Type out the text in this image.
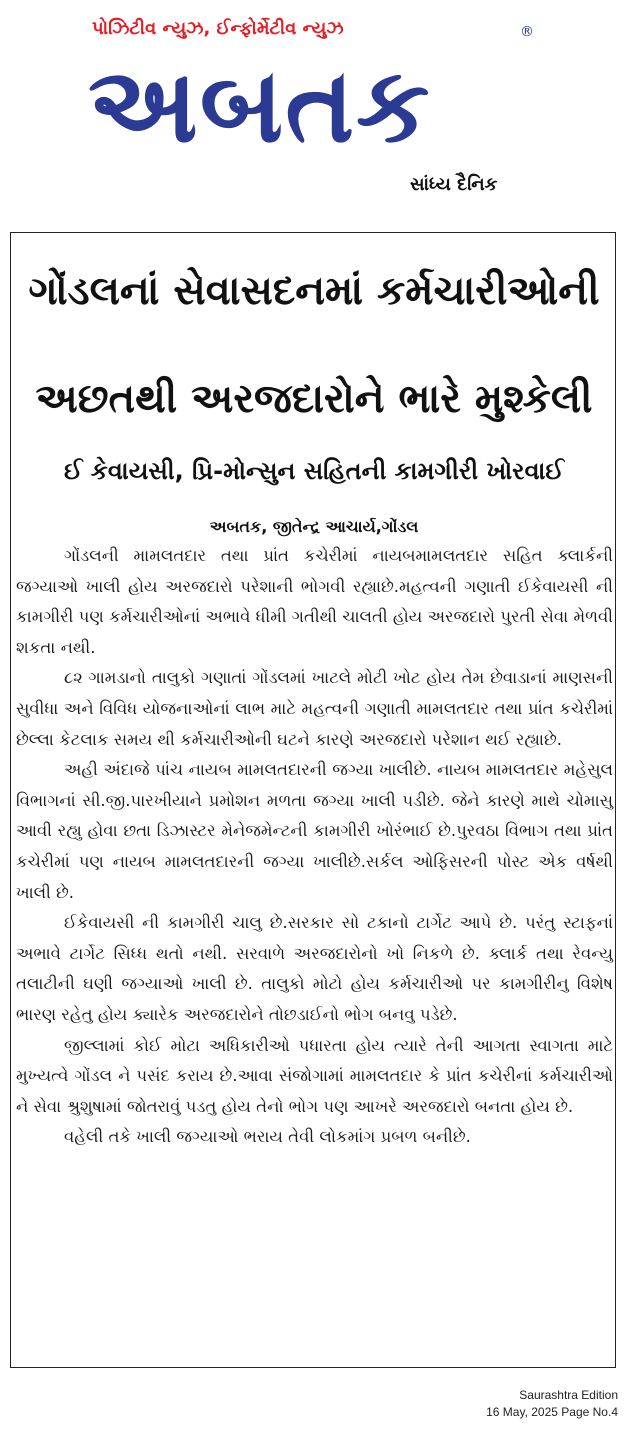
પોઝિટીવ ન્યુઝ, ઈન્ફોર્મેટીવ ન્યુઝ
અબતક
®
સાંધ્ય દૈનિક
ગોંડલનાં સેવાસદનમાં કર્મચારીઓની
અછતથી અરજદારોને ભારે મુશ્કેલી
ઈ કેવાયસી, પ્રિ-મોન્સુન સહિતની કામગીરી ખોરવાઈ
અબતક, જીતેન્દ્ર આચાર્ય,ગોંડલ

ગોંડલની મામલતદાર તથા પ્રાંત કચેરીમાં નાયબમામલતદાર સહિત ક્લાર્કની જગ્યાઓ ખાલી હોય અરજદારો પરેશાની ભોગવી રહ્યાછે.મહત્વની ગણાતી ઈકેવાયસી ની કામગીરી પણ કર્મચારીઓનાં અભાવે ધીમી ગતીથી ચાલતી હોય અરજદારો પુરતી સેવા મેળવી શકતા નથી.

૮૨ ગામડાનો તાલુકો ગણાતાં ગોંડલમાં ખાટલે મોટી ખોટ હોય તેમ છેવાડાનાં માણસની સુવીધા અને વિવિધ યોજનાઓનાં લાભ માટે મહત્વની ગણાતી મામલતદાર તથા પ્રાંત કચેરીમાં છેલ્લા કેટલાક સમય થી કર્મચારીઓની ઘટને કારણે અરજદારો પરેશાન થઈ રહ્યાછે.

અહી અંદાજે પાંચ નાયબ મામલતદારની જગ્યા ખાલીછે. નાયબ મામલતદાર મહેસુલ વિભાગનાં સી.જી.પારખીયાને પ્રમોશન મળતા જગ્યા ખાલી પડીછે. જેને કારણે માથે ચોમાસુ આવી રહ્યુ હોવા છતા ડિઝાસ્ટર મેનેજમેન્ટની કામગીરી ખોરંભાઈ છે.પુરવઠા વિભાગ તથા પ્રાંત કચેરીમાં પણ નાયબ મામલતદારની જગ્યા ખાલીછે.સર્કલ ઓફિસરની પોસ્ટ એક વર્ષથી ખાલી છે.

ઈકેવાયસી ની કામગીરી ચાલુ છે.સરકાર સો ટકાનો ટાર્ગેટ આપે છે. પરંતુ સ્ટાફનાં અભાવે ટાર્ગેટ સિધ્ધ થતો નથી. સરવાળે અરજદારોનો ખો નિકળે છે. ક્લાર્ક તથા રેવન્યુ તલાટીની ઘણી જગ્યાઓ ખાલી છે. તાલુકો મોટો હોય કર્મચારીઓ પર કામગીરીનુ વિશેષ ભારણ રહેતુ હોય ક્યારેક અરજદારોને તોછડાઈનો ભોગ બનવુ પડેછે.

જીલ્લામાં કોઈ મોટા અધિકારીઓ પધારતા હોય ત્યારે તેની આગતા સ્વાગતા માટે મુખ્યત્વે ગોંડલ ને પસંદ કરાય છે.આવા સંજોગામાં મામલતદાર કે પ્રાંત કચેરીનાં કર્મચારીઓ ને સેવા શ્રુશુષામાં જોતરાવું પડતુ હોય તેનો ભોગ પણ આખરે અરજદારો બનતા હોય છે.

વહેલી તકે ખાલી જગ્યાઓ ભરાય તેવી લોકમાંગ પ્રબળ બનીછે.

Saurashtra Edition
16 May, 2025 Page No.4
